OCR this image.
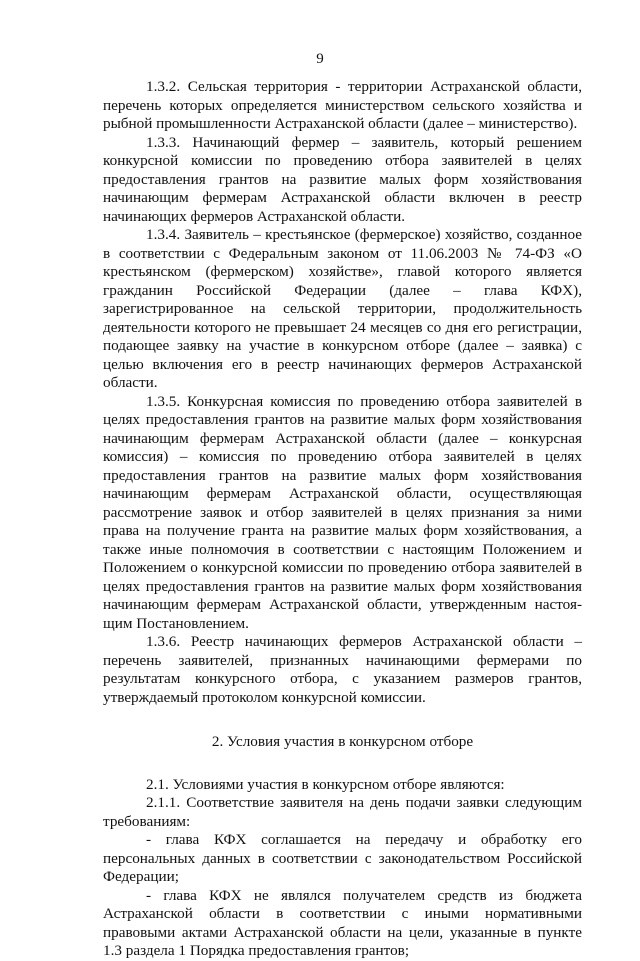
9

1.3.2. Сельская территория - территории Астраханской области, перечень которых определяется министерством сельского хозяйства и рыбной промышленности Астраханской области (далее – министерство).

1.3.3. Начинающий фермер – заявитель, который решением конкурсной комиссии по проведению отбора заявителей в целях предоставления грантов на развитие малых форм хозяйствования начинающим фермерам Астраханской области включен в реестр начинающих фермеров Астраханской области.

1.3.4. Заявитель – крестьянское (фермерское) хозяйство, созданное в соответствии с Федеральным законом от 11.06.2003 № 74-ФЗ «О крестьянском (фермерском) хозяйстве», главой которого является гражданин Российской Федерации (далее – глава КФХ), зарегистрированное на сельской территории, продолжительность деятельности которого не превышает 24 месяцев со дня его регистрации, подающее заявку на участие в конкурсном отборе (далее – заявка) с целью включения его в реестр начинающих фермеров Астраханской области.

1.3.5. Конкурсная комиссия по проведению отбора заявителей в целях предоставления грантов на развитие малых форм хозяйствования начинающим фермерам Астраханской области (далее – конкурсная комиссия) – комиссия по проведению отбора заявителей в целях предоставления грантов на развитие малых форм хозяйствования начинающим фермерам Астраханской области, осуществляющая рассмотрение заявок и отбор заявителей в целях признания за ними права на получение гранта на развитие малых форм хозяйствования, а также иные полномочия в соответствии с настоящим Положением и Положением о конкурсной комиссии по проведению отбора заявителей в целях предоставления грантов на развитие малых форм хозяйствования начинающим фермерам Астраханской области, утвержденным настоящим Постановлением.

1.3.6. Реестр начинающих фермеров Астраханской области – перечень заявителей, признанных начинающими фермерами по результатам конкурсного отбора, с указанием размеров грантов, утверждаемый протоколом конкурсной комиссии.

2. Условия участия в конкурсном отборе

2.1. Условиями участия в конкурсном отборе являются:

2.1.1. Соответствие заявителя на день подачи заявки следующим требованиям:

- глава КФХ соглашается на передачу и обработку его персональных данных в соответствии с законодательством Российской Федерации;

- глава КФХ не являлся получателем средств из бюджета Астраханской области в соответствии с иными нормативными правовыми актами Астраханской области на цели, указанные в пункте 1.3 раздела 1 Порядка предоставления грантов;
